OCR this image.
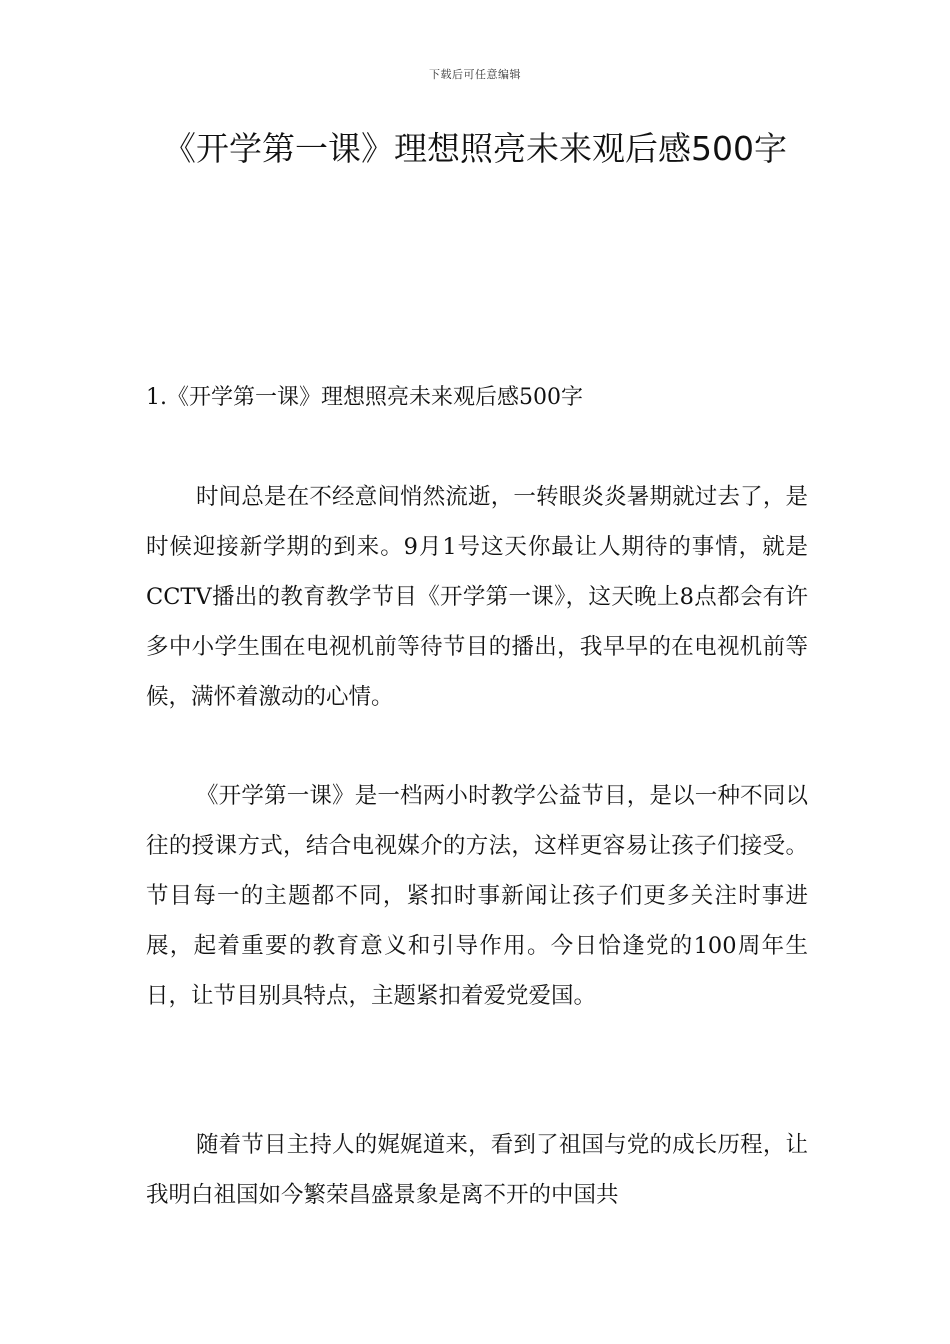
下载后可任意编辑
《开学第一课》理想照亮未来观后感500字

1.《开学第一课》理想照亮未来观后感500字

时间总是在不经意间悄然流逝，一转眼炎炎暑期就过去了，是时候迎接新学期的到来。9月1号这天你最让人期待的事情，就是CCTV播出的教育教学节目《开学第一课》，这天晚上8点都会有许多中小学生围在电视机前等待节目的播出，我早早的在电视机前等候，满怀着激动的心情。

《开学第一课》是一档两小时教学公益节目，是以一种不同以往的授课方式，结合电视媒介的方法，这样更容易让孩子们接受。节目每一的主题都不同，紧扣时事新闻让孩子们更多关注时事进展，起着重要的教育意义和引导作用。今日恰逢党的100周年生日，让节目别具特点，主题紧扣着爱党爱国。

随着节目主持人的娓娓道来，看到了祖国与党的成长历程，让我明白祖国如今繁荣昌盛景象是离不开的中国共
